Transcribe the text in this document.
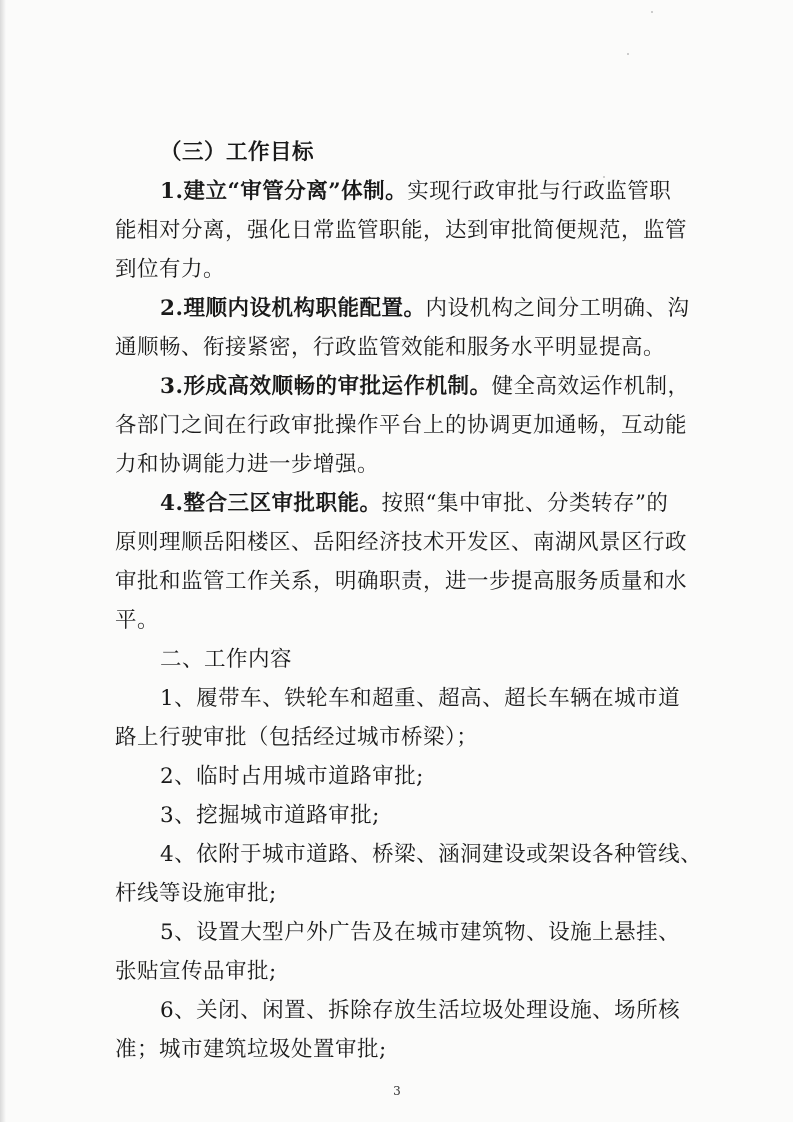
（三）工作目标
1.建立“审管分离”体制。实现行政审批与行政监管职
能相对分离，强化日常监管职能，达到审批简便规范，监管
到位有力。
2.理顺内设机构职能配置。内设机构之间分工明确、沟
通顺畅、衔接紧密，行政监管效能和服务水平明显提高。
3.形成高效顺畅的审批运作机制。健全高效运作机制，
各部门之间在行政审批操作平台上的协调更加通畅，互动能
力和协调能力进一步增强。
4.整合三区审批职能。按照“集中审批、分类转存”的
原则理顺岳阳楼区、岳阳经济技术开发区、南湖风景区行政
审批和监管工作关系，明确职责，进一步提高服务质量和水
平。
二、工作内容
1、履带车、铁轮车和超重、超高、超长车辆在城市道
路上行驶审批（包括经过城市桥梁）；
2、临时占用城市道路审批;
3、挖掘城市道路审批;
4、依附于城市道路、桥梁、涵洞建设或架设各种管线、
杆线等设施审批;
5、设置大型户外广告及在城市建筑物、设施上悬挂、
张贴宣传品审批;
6、关闭、闲置、拆除存放生活垃圾处理设施、场所核
准；城市建筑垃圾处置审批;
3
